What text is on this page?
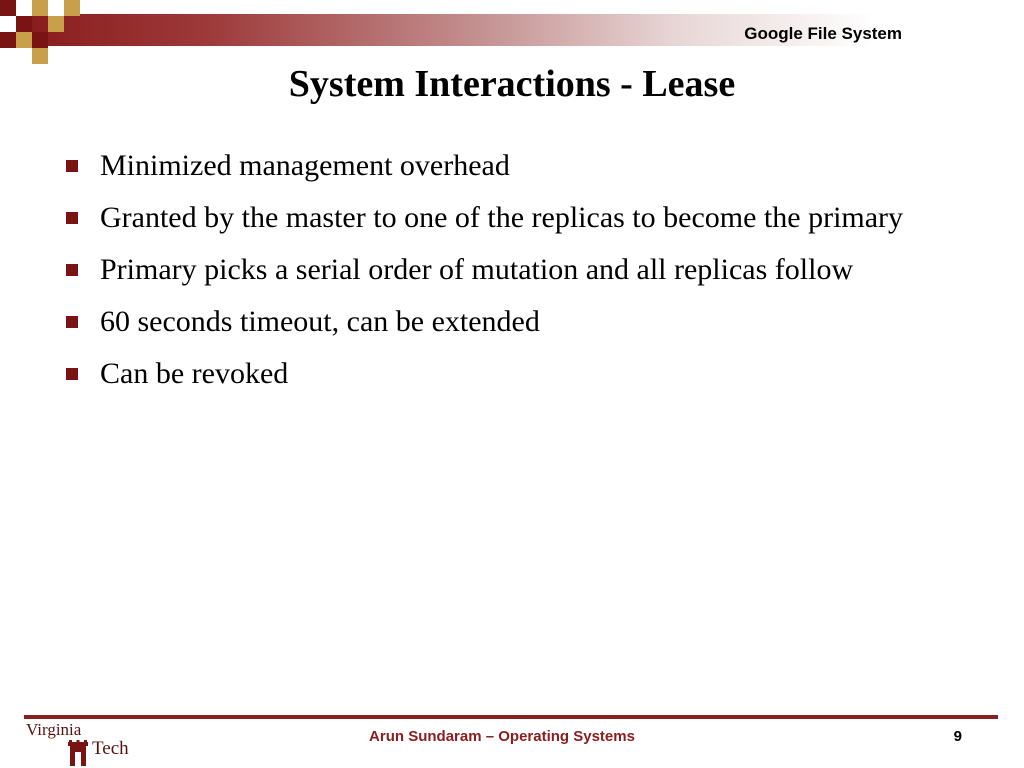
Google File System
System Interactions - Lease
Minimized management overhead
Granted by the master to one of the replicas to become the primary
Primary picks a serial order of mutation and all replicas follow
60 seconds timeout, can be extended
Can be revoked
Virginia
Tech
Arun Sundaram – Operating Systems	9
